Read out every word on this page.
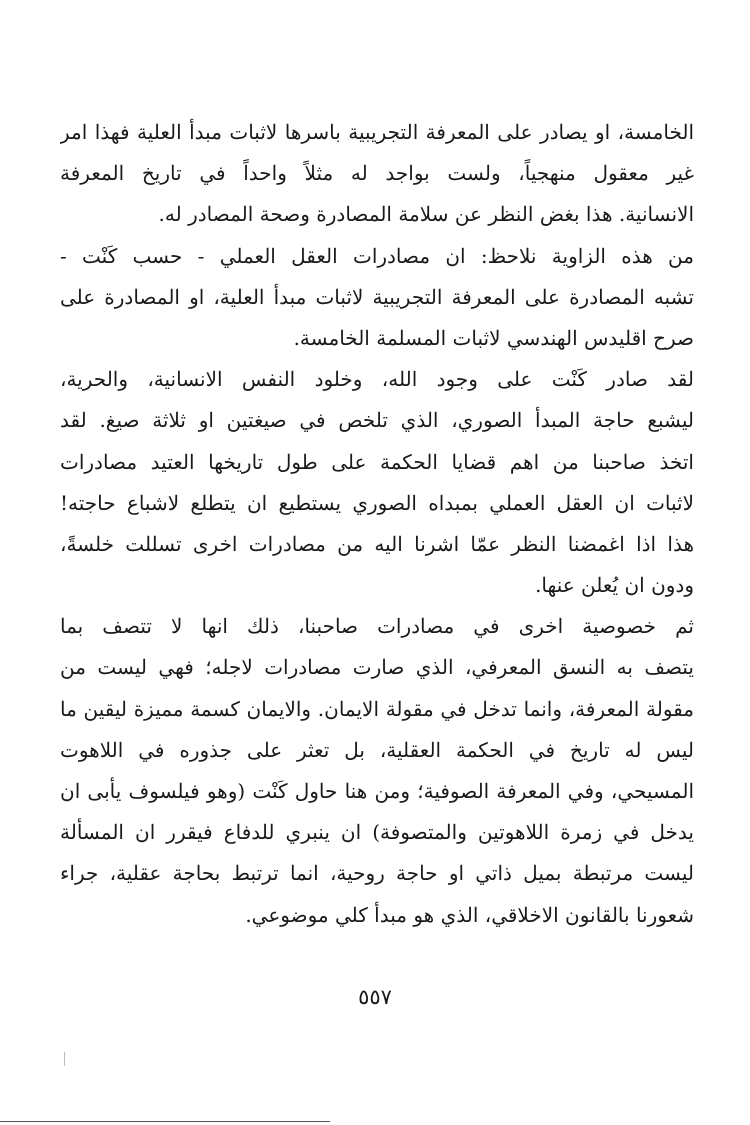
الخامسة، او يصادر على المعرفة التجريبية باسرها لاثبات مبدأ العلية فهذا امر
غير معقول منهجياً، ولست بواجد له مثلاً واحداً في تاريخ المعرفة
الانسانية. هذا بغض النظر عن سلامة المصادرة وصحة المصادر له.
من هذه الزاوية نلاحظ: ان مصادرات العقل العملي - حسب كَنْت -
تشبه المصادرة على المعرفة التجريبية لاثبات مبدأ العلية، او المصادرة على
صرح اقليدس الهندسي لاثبات المسلمة الخامسة.
لقد صادر كَنْت على وجود الله، وخلود النفس الانسانية، والحرية،
ليشبع حاجة المبدأ الصوري، الذي تلخص في صيغتين او ثلاثة صيغ. لقد
اتخذ صاحبنا من اهم قضايا الحكمة على طول تاريخها العتيد مصادرات
لاثبات ان العقل العملي بمبداه الصوري يستطيع ان يتطلع لاشباع حاجته!
هذا اذا اغمضنا النظر عمّا اشرنا اليه من مصادرات اخرى تسللت خلسةً،
ودون ان يُعلن عنها.
ثم خصوصية اخرى في مصادرات صاحبنا، ذلك انها لا تتصف بما
يتصف به النسق المعرفي، الذي صارت مصادرات لاجله؛ فهي ليست من
مقولة المعرفة، وانما تدخل في مقولة الايمان. والايمان كسمة مميزة ليقين ما
ليس له تاريخ في الحكمة العقلية، بل تعثر على جذوره في اللاهوت
المسيحي، وفي المعرفة الصوفية؛ ومن هنا حاول كَنْت (وهو فيلسوف يأبى ان
يدخل في زمرة اللاهوتين والمتصوفة) ان ينبري للدفاع فيقرر ان المسألة
ليست مرتبطة بميل ذاتي او حاجة روحية، انما ترتبط بحاجة عقلية، جراء
شعورنا بالقانون الاخلاقي، الذي هو مبدأ كلي موضوعي.
٥٥٧
